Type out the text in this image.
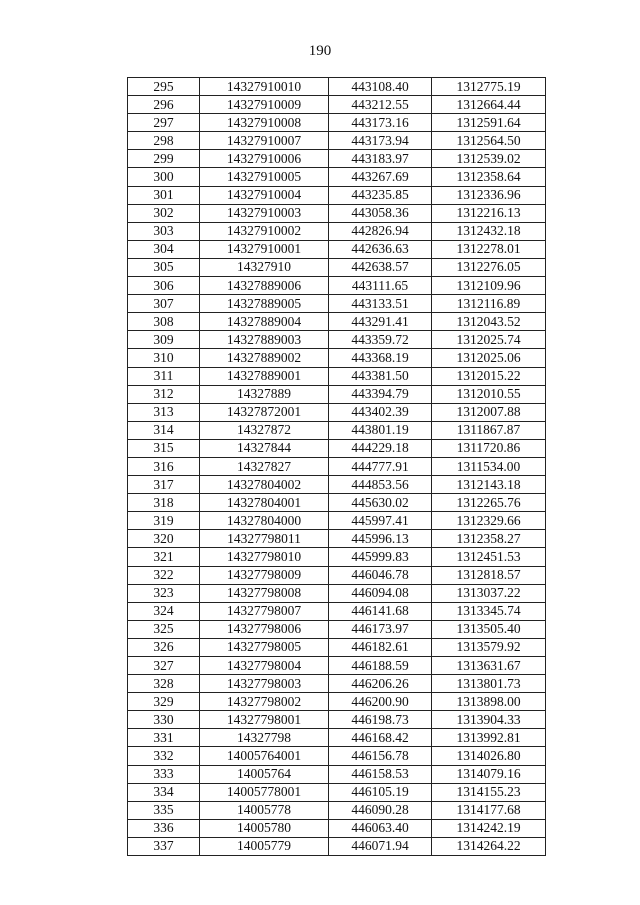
190
295	14327910010	443108.40	1312775.19
296	14327910009	443212.55	1312664.44
297	14327910008	443173.16	1312591.64
298	14327910007	443173.94	1312564.50
299	14327910006	443183.97	1312539.02
300	14327910005	443267.69	1312358.64
301	14327910004	443235.85	1312336.96
302	14327910003	443058.36	1312216.13
303	14327910002	442826.94	1312432.18
304	14327910001	442636.63	1312278.01
305	14327910	442638.57	1312276.05
306	14327889006	443111.65	1312109.96
307	14327889005	443133.51	1312116.89
308	14327889004	443291.41	1312043.52
309	14327889003	443359.72	1312025.74
310	14327889002	443368.19	1312025.06
311	14327889001	443381.50	1312015.22
312	14327889	443394.79	1312010.55
313	14327872001	443402.39	1312007.88
314	14327872	443801.19	1311867.87
315	14327844	444229.18	1311720.86
316	14327827	444777.91	1311534.00
317	14327804002	444853.56	1312143.18
318	14327804001	445630.02	1312265.76
319	14327804000	445997.41	1312329.66
320	14327798011	445996.13	1312358.27
321	14327798010	445999.83	1312451.53
322	14327798009	446046.78	1312818.57
323	14327798008	446094.08	1313037.22
324	14327798007	446141.68	1313345.74
325	14327798006	446173.97	1313505.40
326	14327798005	446182.61	1313579.92
327	14327798004	446188.59	1313631.67
328	14327798003	446206.26	1313801.73
329	14327798002	446200.90	1313898.00
330	14327798001	446198.73	1313904.33
331	14327798	446168.42	1313992.81
332	14005764001	446156.78	1314026.80
333	14005764	446158.53	1314079.16
334	14005778001	446105.19	1314155.23
335	14005778	446090.28	1314177.68
336	14005780	446063.40	1314242.19
337	14005779	446071.94	1314264.22
